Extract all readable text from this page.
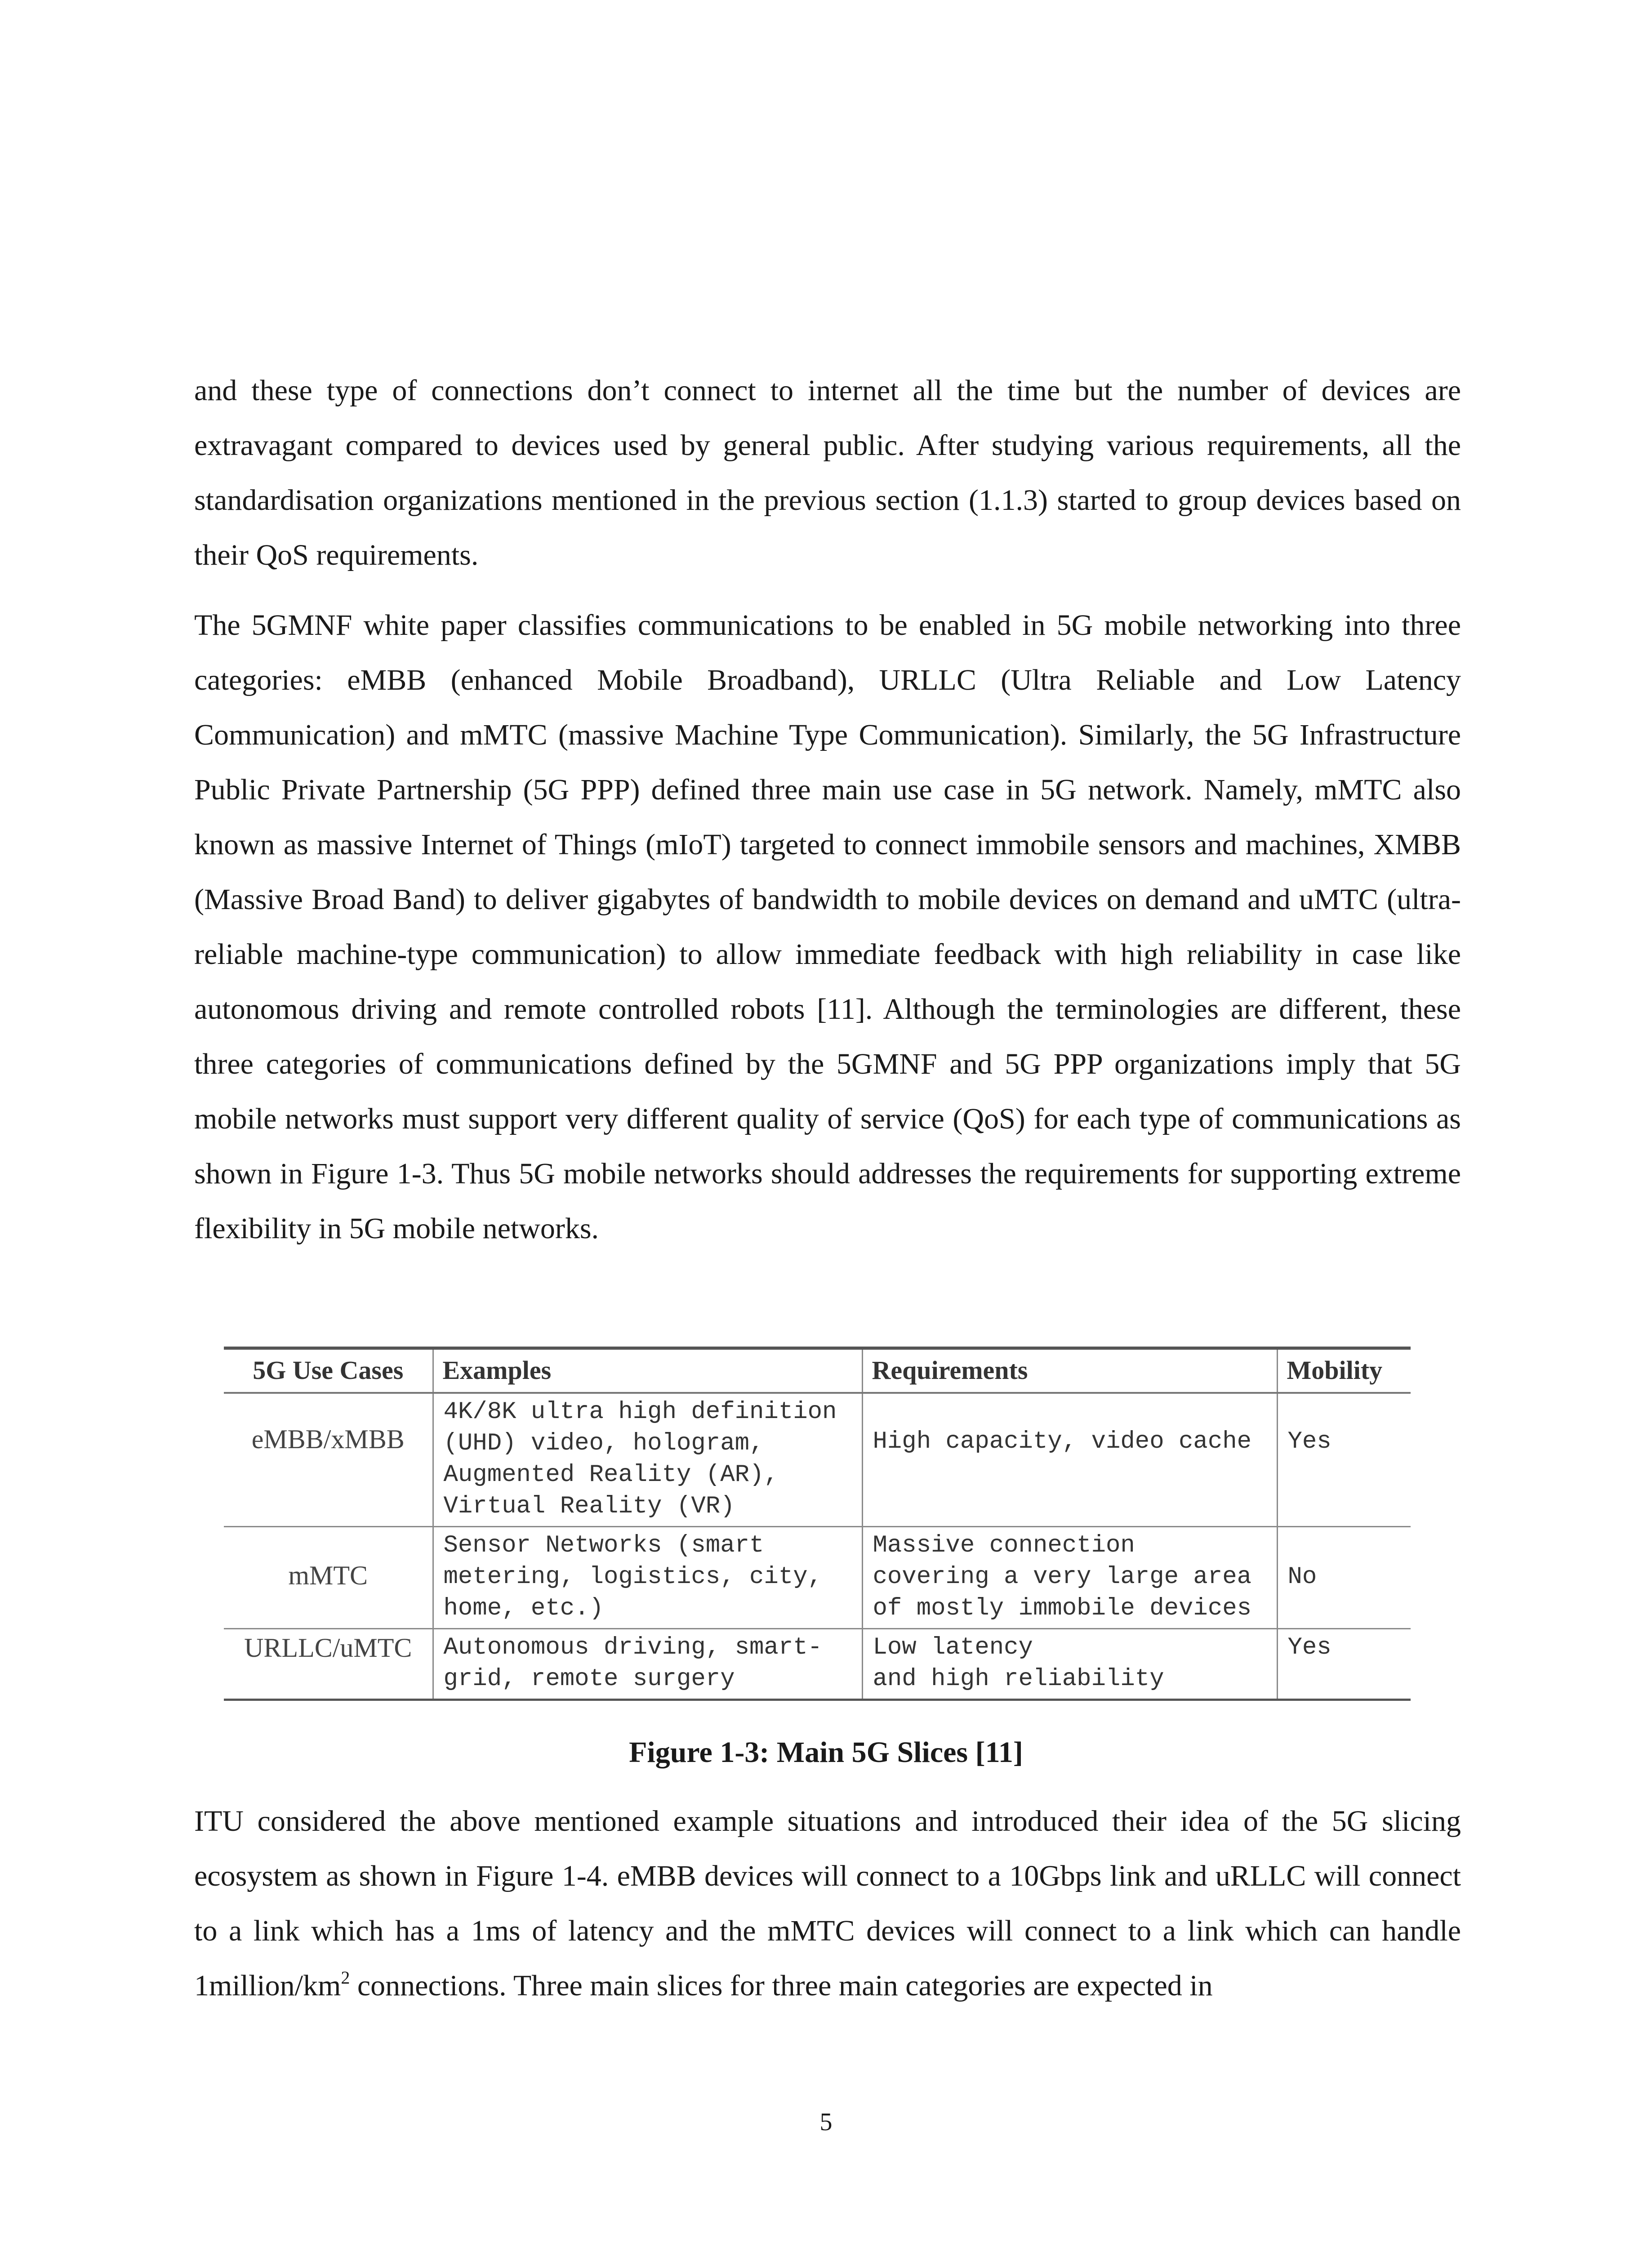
and these type of connections don’t connect to internet all the time but the number of devices are extravagant compared to devices used by general public. After studying various requirements, all the standardisation organizations mentioned in the previous section (1.1.3) started to group devices based on their QoS requirements.

The 5GMNF white paper classifies communications to be enabled in 5G mobile networking into three categories: eMBB (enhanced Mobile Broadband), URLLC (Ultra Reliable and Low Latency Communication) and mMTC (massive Machine Type Communication). Similarly, the 5G Infrastructure Public Private Partnership (5G PPP) defined three main use case in 5G network. Namely, mMTC also known as massive Internet of Things (mIoT) targeted to connect immobile sensors and machines, XMBB (Massive Broad Band) to deliver gigabytes of bandwidth to mobile devices on demand and uMTC (ultra-reliable machine-type communication) to allow immediate feedback with high reliability in case like autonomous driving and remote controlled robots [11]. Although the terminologies are different, these three categories of communications defined by the 5GMNF and 5G PPP organizations imply that 5G mobile networks must support very different quality of service (QoS) for each type of communications as shown in Figure 1-3. Thus 5G mobile networks should addresses the requirements for supporting extreme flexibility in 5G mobile networks.

5G Use Cases	Examples	Requirements	Mobility
eMBB/xMBB	4K/8K ultra high definition
(UHD) video, hologram,
Augmented Reality (AR),
Virtual Reality (VR)	High capacity, video cache	Yes
mMTC	Sensor Networks (smart
metering, logistics, city,
home, etc.)	Massive connection
covering a very large area
of mostly immobile devices	No
URLLC/uMTC	Autonomous driving, smart-
grid, remote surgery	Low latency
and high reliability	Yes

Figure 1-3: Main 5G Slices [11]

ITU considered the above mentioned example situations and introduced their idea of the 5G slicing ecosystem as shown in Figure 1-4. eMBB devices will connect to a 10Gbps link and uRLLC will connect to a link which has a 1ms of latency and the mMTC devices will connect to a link which can handle $1million/km^2$ connections. Three main slices for three main categories are expected in

5
